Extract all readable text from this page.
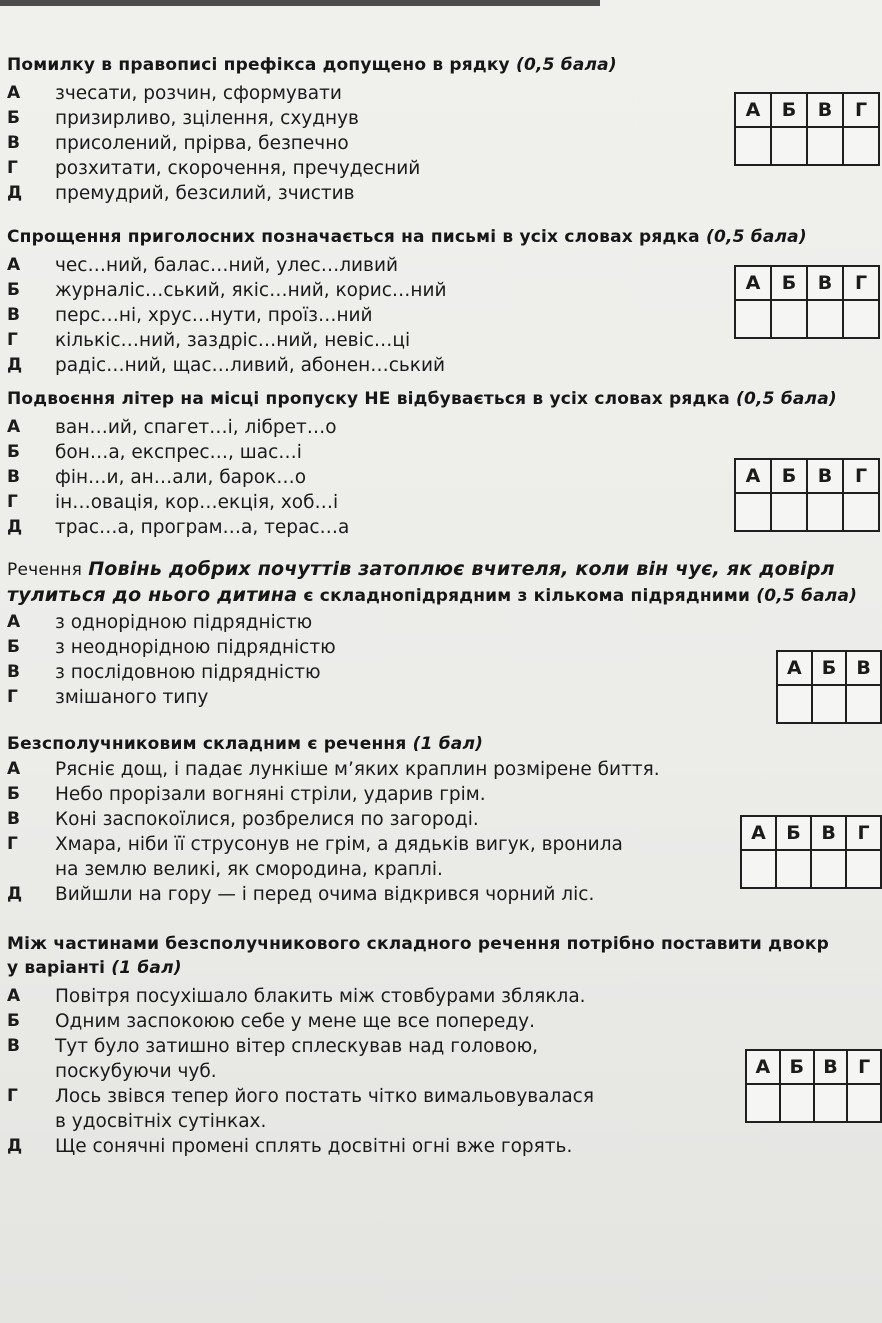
Помилку в правописі префікса допущено в рядку (0,5 бала)
А	зчесати, розчин, сформувати
Б	призирливо, зцілення, схуднув
В	присолений, прірва, безпечно
Г	розхитати, скорочення, пречудесний
Д	премудрий, безсилий, зчистив
А	Б	В	Г

Спрощення приголосних позначається на письмі в усіх словах рядка (0,5 бала)
А	чес…ний, балас…ний, улес…ливий
Б	журналіс…ський, якіс…ний, корис…ний
В	перс…ні, хрус…нути, проїз…ний
Г	кількіс…ний, заздріс…ний, невіс…ці
Д	радіс…ний, щас…ливий, абонен…ський
А	Б	В	Г

Подвоєння літер на місці пропуску НЕ відбувається в усіх словах рядка (0,5 бала)
А	ван…ий, спагет…і, лібрет…о
Б	бон…а, експрес…, шас…і
В	фін…и, ан…али, барок…о
Г	ін…овація, кор…екція, хоб…і
Д	трас…а, програм…а, терас…а
А	Б	В	Г

Речення Повінь добрих почуттів затоплює вчителя, коли він чує, як довірл
тулиться до нього дитина є складнопідрядним з кількома підрядними (0,5 бала)
А	з однорідною підрядністю
Б	з неоднорідною підрядністю
В	з послідовною підрядністю
Г	змішаного типу
А	Б	В

Безсполучниковим складним є речення (1 бал)
А	Рясніє дощ, і падає лункіше м’яких краплин розмірене биття.
Б	Небо прорізали вогняні стріли, ударив грім.
В	Коні заспокоїлися, розбрелися по загороді.
Г	Хмара, ніби її струсонув не грім, а дядьків вигук, вронила
на землю великі, як смородина, краплі.
Д	Вийшли на гору — і перед очима відкрився чорний ліс.
А	Б	В	Г

Між частинами безсполучникового складного речення потрібно поставити двокр
у варіанті (1 бал)
А	Повітря посухішало блакить між стовбурами зблякла.
Б	Одним заспокоюю себе у мене ще все попереду.
В	Тут було затишно вітер сплескував над головою,
поскубуючи чуб.
Г	Лось звівся тепер його постать чітко вимальовувалася
в удосвітніх сутінках.
Д	Ще сонячні промені сплять досвітні огні вже горять.
А	Б	В	Г
